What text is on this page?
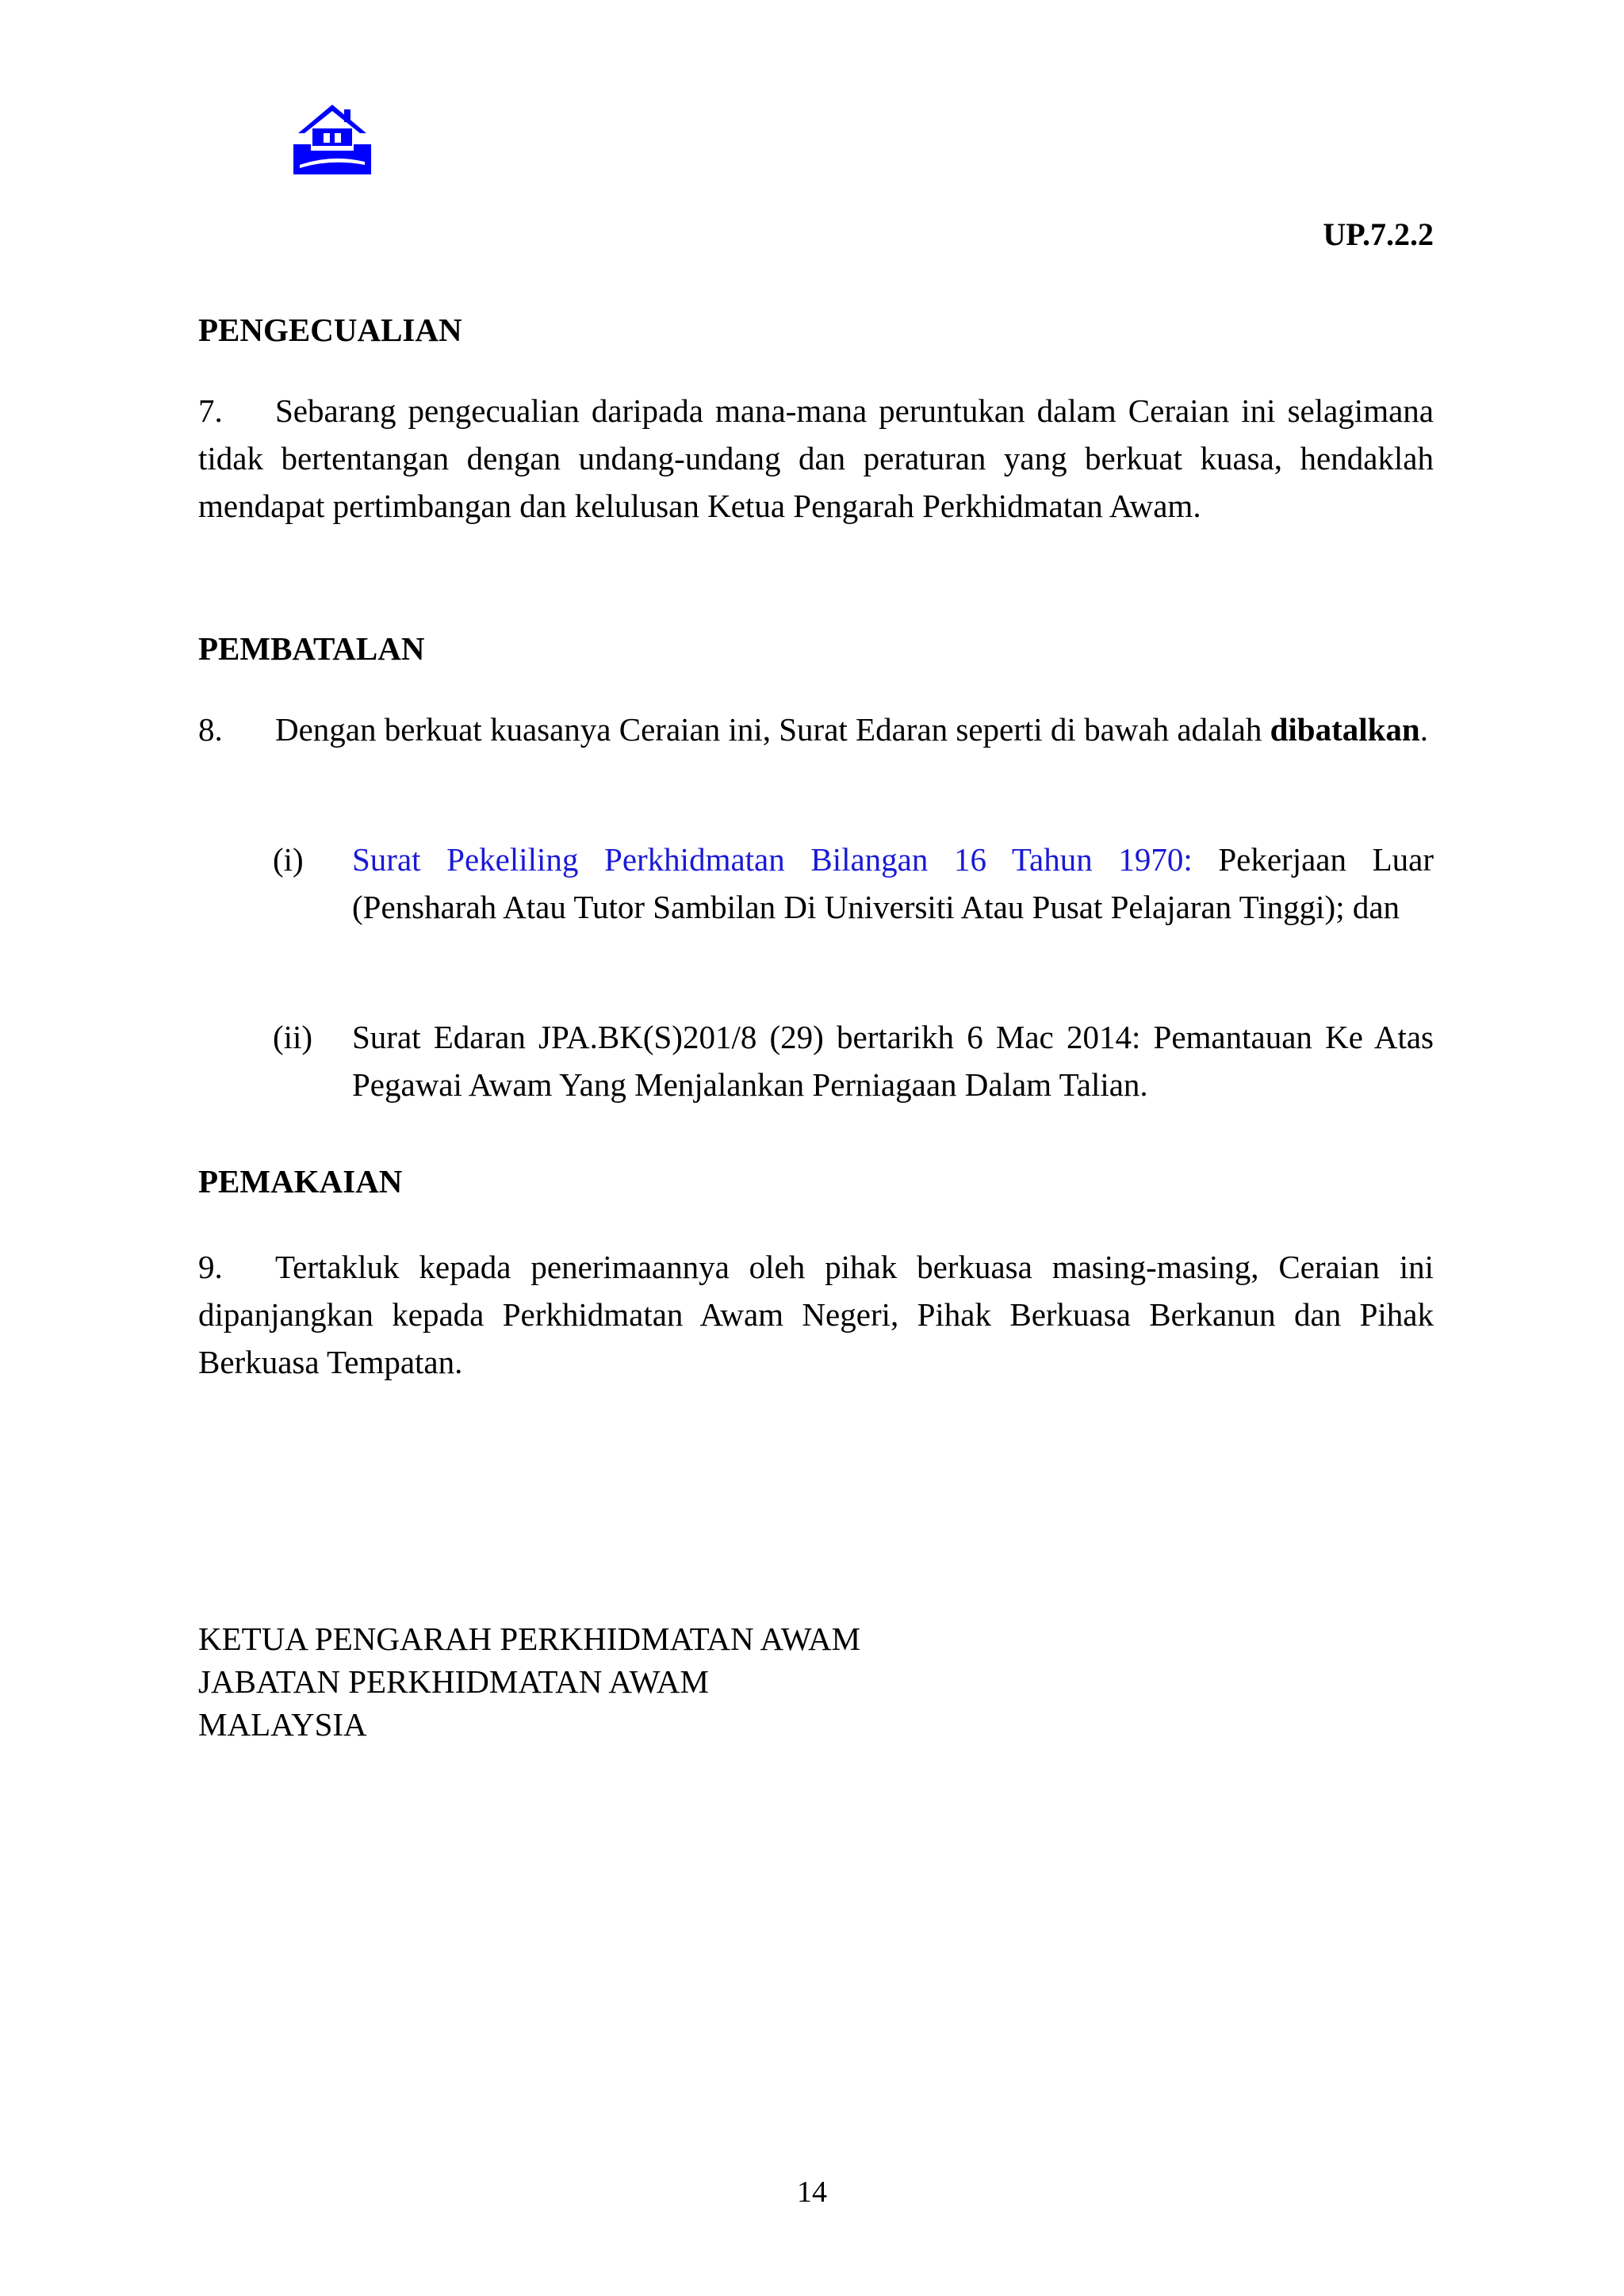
UP.7.2.2

PENGECUALIAN

7. Sebarang pengecualian daripada mana-mana peruntukan dalam Ceraian ini selagimana tidak bertentangan dengan undang-undang dan peraturan yang berkuat kuasa, hendaklah mendapat pertimbangan dan kelulusan Ketua Pengarah Perkhidmatan Awam.

PEMBATALAN

8. Dengan berkuat kuasanya Ceraian ini, Surat Edaran seperti di bawah adalah dibatalkan.

(i) Surat Pekeliling Perkhidmatan Bilangan 16 Tahun 1970: Pekerjaan Luar (Pensharah Atau Tutor Sambilan Di Universiti Atau Pusat Pelajaran Tinggi); dan
(ii) Surat Edaran JPA.BK(S)201/8 (29) bertarikh 6 Mac 2014: Pemantauan Ke Atas Pegawai Awam Yang Menjalankan Perniagaan Dalam Talian.

PEMAKAIAN

9. Tertakluk kepada penerimaannya oleh pihak berkuasa masing-masing, Ceraian ini dipanjangkan kepada Perkhidmatan Awam Negeri, Pihak Berkuasa Berkanun dan Pihak Berkuasa Tempatan.

KETUA PENGARAH PERKHIDMATAN AWAM
JABATAN PERKHIDMATAN AWAM
MALAYSIA
14
